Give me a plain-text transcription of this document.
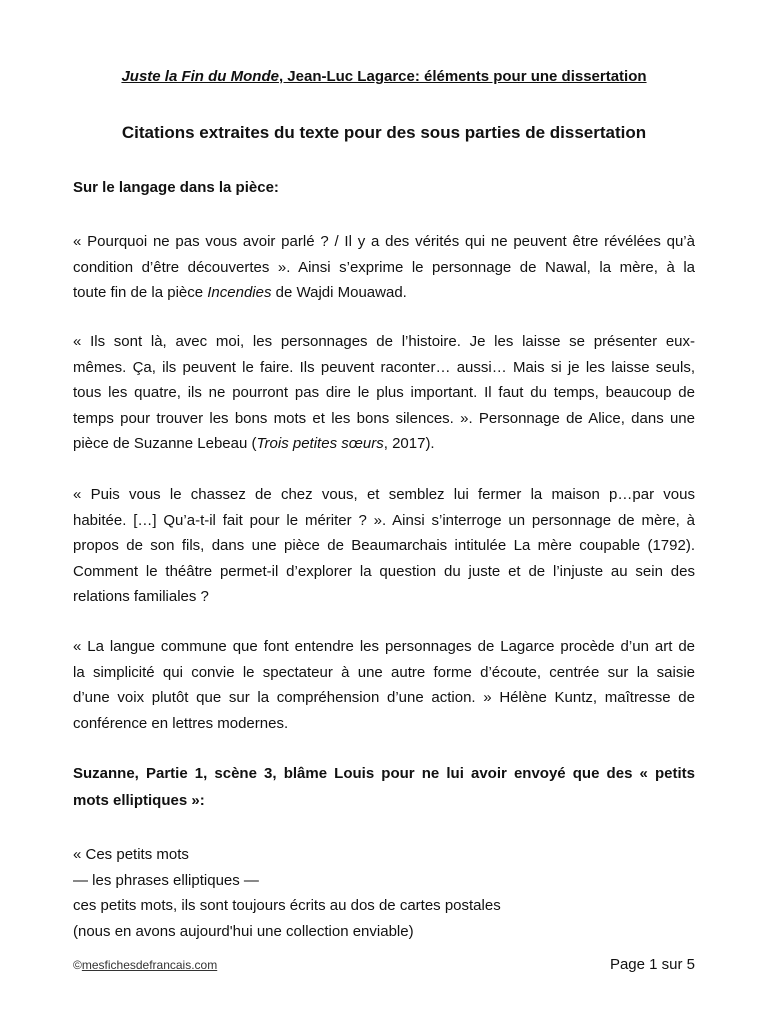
Juste la Fin du Monde, Jean-Luc Lagarce: éléments pour une dissertation
Citations extraites du texte pour des sous parties de dissertation
Sur le langage dans la pièce:
« Pourquoi ne pas vous avoir parlé ? / Il y a des vérités qui ne peuvent être révélées qu’à
condition d’être découvertes ». Ainsi s’exprime le personnage de Nawal, la mère, à la
toute fin de la pièce Incendies de Wajdi Mouawad.
« Ils sont là, avec moi, les personnages de l’histoire. Je les laisse se présenter eux-
mêmes. Ça, ils peuvent le faire. Ils peuvent raconter… aussi… Mais si je les laisse seuls,
tous les quatre, ils ne pourront pas dire le plus important. Il faut du temps, beaucoup de
temps pour trouver les bons mots et les bons silences. ». Personnage de Alice, dans une
pièce de Suzanne Lebeau (Trois petites sœurs, 2017).
« Puis vous le chassez de chez vous, et semblez lui fermer la maison p…par vous
habitée. […] Qu’a-t-il fait pour le mériter ? ». Ainsi s’interroge un personnage de mère, à
propos de son fils, dans une pièce de Beaumarchais intitulée La mère coupable (1792).
Comment le théâtre permet-il d’explorer la question du juste et de l’injuste au sein des
relations familiales ?
« La langue commune que font entendre les personnages de Lagarce procède d’un art de
la simplicité qui convie le spectateur à une autre forme d’écoute, centrée sur la saisie
d’une voix plutôt que sur la compréhension d’une action. » Hélène Kuntz, maîtresse de
conférence en lettres modernes.
Suzanne, Partie 1, scène 3, blâme Louis pour ne lui avoir envoyé que des « petits
mots elliptiques »:
« Ces petits mots
— les phrases elliptiques —
ces petits mots, ils sont toujours écrits au dos de cartes postales
(nous en avons aujourd'hui une collection enviable)
©mesfichesdefrancais.com	Page 1 sur 5
